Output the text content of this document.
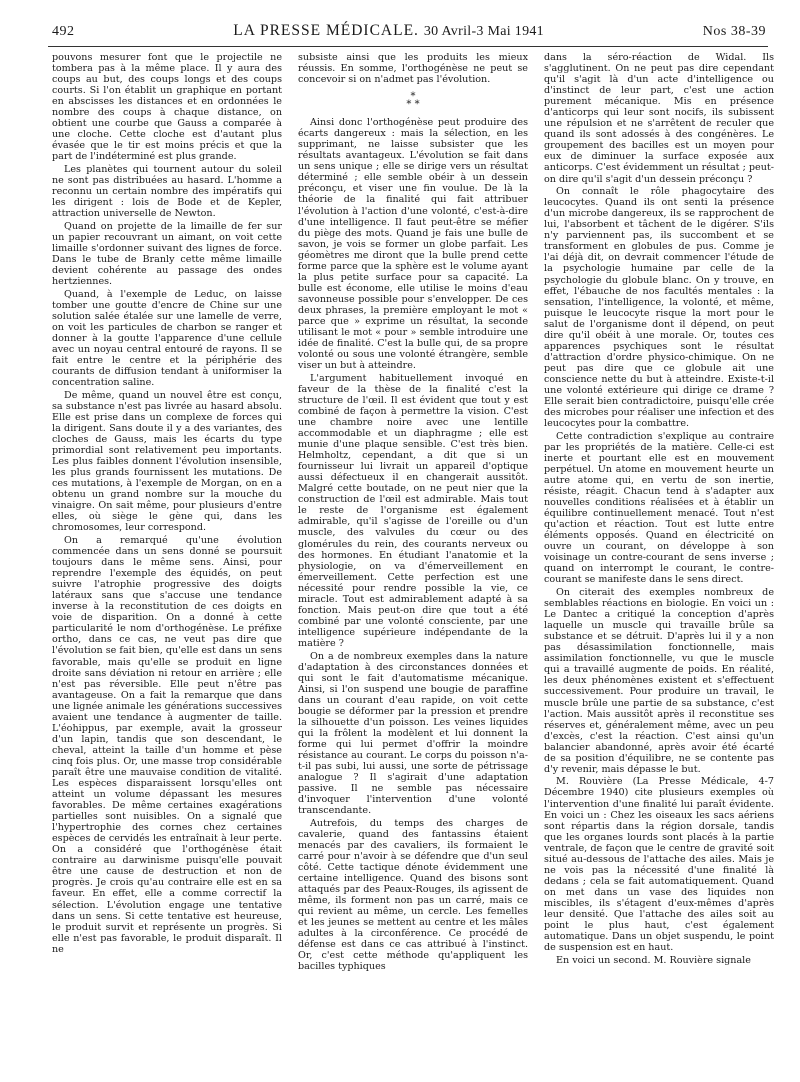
492	LA PRESSE MÉDICALE. 30 Avril-3 Mai 1941	Nos 38-39

pouvons mesurer font que le projectile ne tombera pas à la même place. Il y aura des coups au but, des coups longs et des coups courts. Si l'on établit un graphique en portant en abscisses les distances et en ordonnées le nombre des coups à chaque distance, on obtient une courbe que Gauss a comparée à une cloche. Cette cloche est d'autant plus évasée que le tir est moins précis et que la part de l'indéterminé est plus grande.

Les planètes qui tournent autour du soleil ne sont pas distribuées au hasard. L'homme a reconnu un certain nombre des impératifs qui les dirigent : lois de Bode et de Kepler, attraction universelle de Newton.

Quand on projette de la limaille de fer sur un papier recouvrant un aimant, on voit cette limaille s'ordonner suivant des lignes de force. Dans le tube de Branly cette même limaille devient cohérente au passage des ondes hertziennes.

Quand, à l'exemple de Leduc, on laisse tomber une goutte d'encre de Chine sur une solution salée étalée sur une lamelle de verre, on voit les particules de charbon se ranger et donner à la goutte l'apparence d'une cellule avec un noyau central entouré de rayons. Il se fait entre le centre et la périphérie des courants de diffusion tendant à uniformiser la concentration saline.

De même, quand un nouvel être est conçu, sa substance n'est pas livrée au hasard absolu. Elle est prise dans un complexe de forces qui la dirigent. Sans doute il y a des variantes, des cloches de Gauss, mais les écarts du type primordial sont relativement peu importants. Les plus faibles donnent l'évolution insensible, les plus grands fournissent les mutations. De ces mutations, à l'exemple de Morgan, on en a obtenu un grand nombre sur la mouche du vinaigre. On sait même, pour plusieurs d'entre elles, où siège le gène qui, dans les chromosomes, leur correspond.

On a remarqué qu'une évolution commencée dans un sens donné se poursuit toujours dans le même sens. Ainsi, pour reprendre l'exemple des équidés, on peut suivre l'atrophie progressive des doigts latéraux sans que s'accuse une tendance inverse à la reconstitution de ces doigts en voie de disparition. On a donné à cette particularité le nom d'orthogénèse. Le préfixe ortho, dans ce cas, ne veut pas dire que l'évolution se fait bien, qu'elle est dans un sens favorable, mais qu'elle se produit en ligne droite sans déviation ni retour en arrière ; elle n'est pas réversible. Elle peut n'être pas avantageuse. On a fait la remarque que dans une lignée animale les générations successives avaient une tendance à augmenter de taille. L'éohippus, par exemple, avait la grosseur d'un lapin, tandis que son descendant, le cheval, atteint la taille d'un homme et pèse cinq fois plus. Or, une masse trop considérable paraît être une mauvaise condition de vitalité. Les espèces disparaissent lorsqu'elles ont atteint un volume dépassant les mesures favorables. De même certaines exagérations partielles sont nuisibles. On a signalé que l'hypertrophie des cornes chez certaines espèces de cervidés les entraînait à leur perte. On a considéré que l'orthogénèse était contraire au darwinisme puisqu'elle pouvait être une cause de destruction et non de progrès. Je crois qu'au contraire elle est en sa faveur. En effet, elle a comme correctif la sélection. L'évolution engage une tentative dans un sens. Si cette tentative est heureuse, le produit survit et représente un progrès. Si elle n'est pas favorable, le produit disparaît. Il ne

subsiste ainsi que les produits les mieux réussis. En somme, l'orthogénèse ne peut se concevoir si on n'admet pas l'évolution.

*
* *

Ainsi donc l'orthogénèse peut produire des écarts dangereux : mais la sélection, en les supprimant, ne laisse subsister que les résultats avantageux. L'évolution se fait dans un sens unique ; elle se dirige vers un résultat déterminé ; elle semble obéir à un dessein préconçu, et viser une fin voulue. De là la théorie de la finalité qui fait attribuer l'évolution à l'action d'une volonté, c'est-à-dire d'une intelligence. Il faut peut-être se méfier du piège des mots. Quand je fais une bulle de savon, je vois se former un globe parfait. Les géomètres me diront que la bulle prend cette forme parce que la sphère est le volume ayant la plus petite surface pour sa capacité. La bulle est économe, elle utilise le moins d'eau savonneuse possible pour s'envelopper. De ces deux phrases, la première employant le mot « parce que » exprime un résultat, la seconde utilisant le mot « pour » semble introduire une idée de finalité. C'est la bulle qui, de sa propre volonté ou sous une volonté étrangère, semble viser un but à atteindre.

L'argument habituellement invoqué en faveur de la thèse de la finalité c'est la structure de l'œil. Il est évident que tout y est combiné de façon à permettre la vision. C'est une chambre noire avec une lentille accommodable et un diaphragme ; elle est munie d'une plaque sensible. C'est très bien. Helmholtz, cependant, a dit que si un fournisseur lui livrait un appareil d'optique aussi défectueux il en changerait aussitôt. Malgré cette boutade, on ne peut nier que la construction de l'œil est admirable. Mais tout le reste de l'organisme est également admirable, qu'il s'agisse de l'oreille ou d'un muscle, des valvules du cœur ou des glomérules du rein, des courants nerveux ou des hormones. En étudiant l'anatomie et la physiologie, on va d'émerveillement en émerveillement. Cette perfection est une nécessité pour rendre possible la vie, ce miracle. Tout est admirablement adapté à sa fonction. Mais peut-on dire que tout a été combiné par une volonté consciente, par une intelligence supérieure indépendante de la matière ?

On a de nombreux exemples dans la nature d'adaptation à des circonstances données et qui sont le fait d'automatisme mécanique. Ainsi, si l'on suspend une bougie de paraffine dans un courant d'eau rapide, on voit cette bougie se déformer par la pression et prendre la silhouette d'un poisson. Les veines liquides qui la frôlent la modèlent et lui donnent la forme qui lui permet d'offrir la moindre résistance au courant. Le corps du poisson n'a-t-il pas subi, lui aussi, une sorte de pétrissage analogue ? Il s'agirait d'une adaptation passive. Il ne semble pas nécessaire d'invoquer l'intervention d'une volonté transcendante.

Autrefois, du temps des charges de cavalerie, quand des fantassins étaient menacés par des cavaliers, ils formaient le carré pour n'avoir à se défendre que d'un seul côté. Cette tactique dénote évidemment une certaine intelligence. Quand des bisons sont attaqués par des Peaux-Rouges, ils agissent de même, ils forment non pas un carré, mais ce qui revient au même, un cercle. Les femelles et les jeunes se mettent au centre et les mâles adultes à la circonférence. Ce procédé de défense est dans ce cas attribué à l'instinct. Or, c'est cette méthode qu'appliquent les bacilles typhiques

dans la séro-réaction de Widal. Ils s'agglutinent. On ne peut pas dire cependant qu'il s'agit là d'un acte d'intelligence ou d'instinct de leur part, c'est une action purement mécanique. Mis en présence d'anticorps qui leur sont nocifs, ils subissent une répulsion et ne s'arrêtent de reculer que quand ils sont adossés à des congénères. Le groupement des bacilles est un moyen pour eux de diminuer la surface exposée aux anticorps. C'est évidemment un résultat ; peut-on dire qu'il s'agit d'un dessein préconçu ?

On connaît le rôle phagocytaire des leucocytes. Quand ils ont senti la présence d'un microbe dangereux, ils se rapprochent de lui, l'absorbent et tâchent de le digérer. S'ils n'y parviennent pas, ils succombent et se transforment en globules de pus. Comme je l'ai déjà dit, on devrait commencer l'étude de la psychologie humaine par celle de la psychologie du globule blanc. On y trouve, en effet, l'ébauche de nos facultés mentales : la sensation, l'intelligence, la volonté, et même, puisque le leucocyte risque la mort pour le salut de l'organisme dont il dépend, on peut dire qu'il obéit à une morale. Or, toutes ces apparences psychiques sont le résultat d'attraction d'ordre physico-chimique. On ne peut pas dire que ce globule ait une conscience nette du but à atteindre. Existe-t-il une volonté extérieure qui dirige ce drame ? Elle serait bien contradictoire, puisqu'elle crée des microbes pour réaliser une infection et des leucocytes pour la combattre.

Cette contradiction s'explique au contraire par les propriétés de la matière. Celle-ci est inerte et pourtant elle est en mouvement perpétuel. Un atome en mouvement heurte un autre atome qui, en vertu de son inertie, résiste, réagit. Chacun tend à s'adapter aux nouvelles conditions réalisées et à établir un équilibre continuellement menacé. Tout n'est qu'action et réaction. Tout est lutte entre éléments opposés. Quand en électricité on ouvre un courant, on développe à son voisinage un contre-courant de sens inverse ; quand on interrompt le courant, le contre-courant se manifeste dans le sens direct.

On citerait des exemples nombreux de semblables réactions en biologie. En voici un : Le Dantec a critiqué la conception d'après laquelle un muscle qui travaille brûle sa substance et se détruit. D'après lui il y a non pas désassimilation fonctionnelle, mais assimilation fonctionnelle, vu que le muscle qui a travaillé augmente de poids. En réalité, les deux phénomènes existent et s'effectuent successivement. Pour produire un travail, le muscle brûle une partie de sa substance, c'est l'action. Mais aussitôt après il reconstitue ses réserves et, généralement même, avec un peu d'excès, c'est la réaction. C'est ainsi qu'un balancier abandonné, après avoir été écarté de sa position d'équilibre, ne se contente pas d'y revenir, mais dépasse le but.

M. Rouvière (La Presse Médicale, 4-7 Décembre 1940) cite plusieurs exemples où l'intervention d'une finalité lui paraît évidente. En voici un : Chez les oiseaux les sacs aériens sont répartis dans la région dorsale, tandis que les organes lourds sont placés à la partie ventrale, de façon que le centre de gravité soit situé au-dessous de l'attache des ailes. Mais je ne vois pas la nécessité d'une finalité là dedans ; cela se fait automatiquement. Quand on met dans un vase des liquides non miscibles, ils s'étagent d'eux-mêmes d'après leur densité. Que l'attache des ailes soit au point le plus haut, c'est également automatique. Dans un objet suspendu, le point de suspension est en haut.

En voici un second. M. Rouvière signale
